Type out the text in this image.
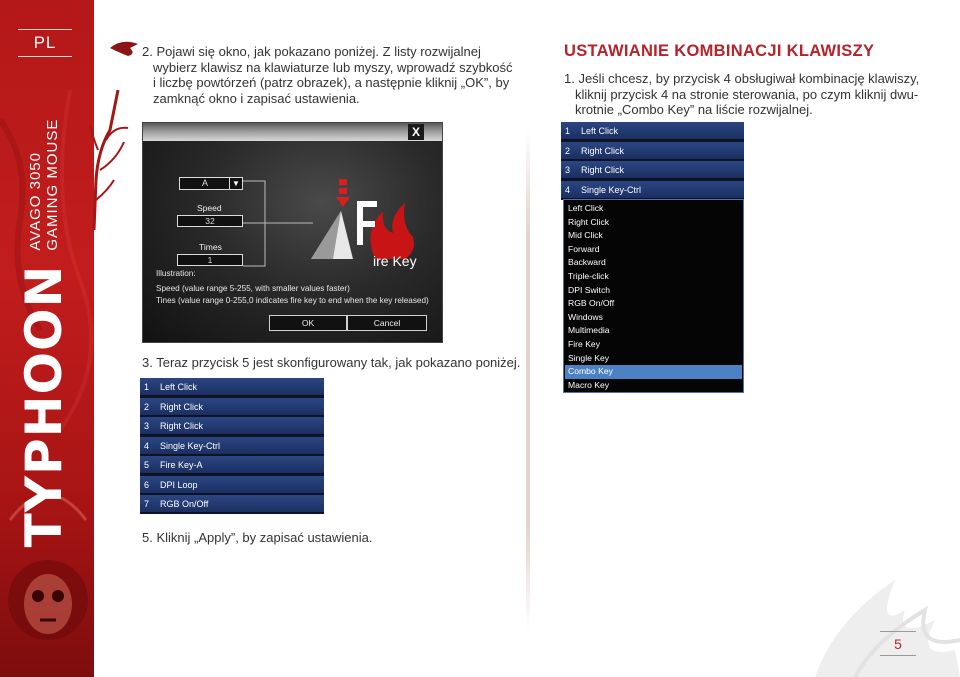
PL
TYPHOON
AVAGO 3050 GAMING MOUSE
2. Pojawi się okno, jak pokazano poniżej. Z listy rozwijalnej
wybierz klawisz na klawiaturze lub myszy, wprowadź szybkość
i liczbę powtórzeń (patrz obrazek), a następnie kliknij „OK”, by
zamknąć okno i zapisać ustawienia.
X
A	▼
Speed
32
Times
1
Illustration:
Speed (value range 5-255, with smaller values faster)
Tines (value range 0-255,0 indicates fire key to end when the key released)
ire Key
OK	Cancel
3. Teraz przycisk 5 jest skonfigurowany tak, jak pokazano poniżej.
1 Left Click
2 Right Click
3 Right Click
4 Single Key-Ctrl
5 Fire Key-A
6 DPI Loop
7 RGB On/Off
5. Kliknij „Apply”, by zapisać ustawienia.
USTAWIANIE KOMBINACJI KLAWISZY
1. Jeśli chcesz, by przycisk 4 obsługiwał kombinację klawiszy,
kliknij przycisk 4 na stronie sterowania, po czym kliknij dwu-
krotnie „Combo Key” na liście rozwijalnej.
1 Left Click
2 Right Click
3 Right Click
4 Single Key-Ctrl
Left Click
Right Click
Mid Click
Forward
Backward
Triple-click
DPI Switch
RGB On/Off
Windows
Multimedia
Fire Key
Single Key
Combo Key
Macro Key
5
